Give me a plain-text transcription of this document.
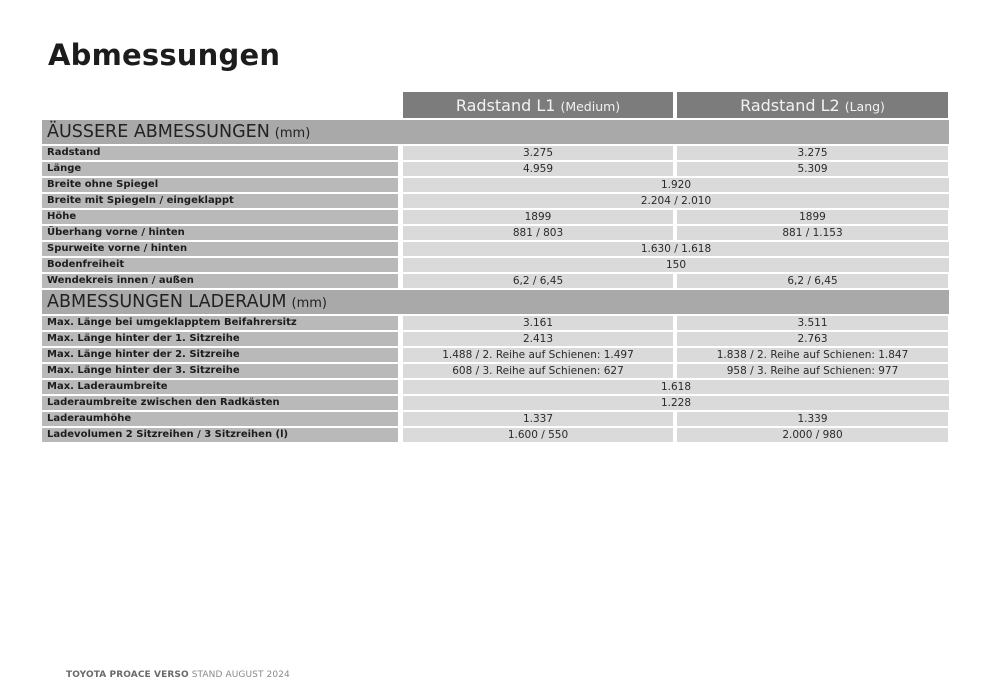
Abmessungen
Radstand L1 (Medium)	Radstand L2 (Lang)
ÄUSSERE ABMESSUNGEN (mm)
Radstand	3.275	3.275
Länge	4.959	5.309
Breite ohne Spiegel	1.920
Breite mit Spiegeln / eingeklappt	2.204 / 2.010
Höhe	1899	1899
Überhang vorne / hinten	881 / 803	881 / 1.153
Spurweite vorne / hinten	1.630 / 1.618
Bodenfreiheit	150
Wendekreis innen / außen	6,2 / 6,45	6,2 / 6,45
ABMESSUNGEN LADERAUM (mm)
Max. Länge bei umgeklapptem Beifahrersitz	3.161	3.511
Max. Länge hinter der 1. Sitzreihe	2.413	2.763
Max. Länge hinter der 2. Sitzreihe	1.488 / 2. Reihe auf Schienen: 1.497	1.838 / 2. Reihe auf Schienen: 1.847
Max. Länge hinter der 3. Sitzreihe	608 / 3. Reihe auf Schienen: 627	958 / 3. Reihe auf Schienen: 977
Max. Laderaumbreite	1.618
Laderaumbreite zwischen den Radkästen	1.228
Laderaumhöhe	1.337	1.339
Ladevolumen 2 Sitzreihen / 3 Sitzreihen (l)	1.600 / 550	2.000 / 980
TOYOTA PROACE VERSO STAND AUGUST 2024
